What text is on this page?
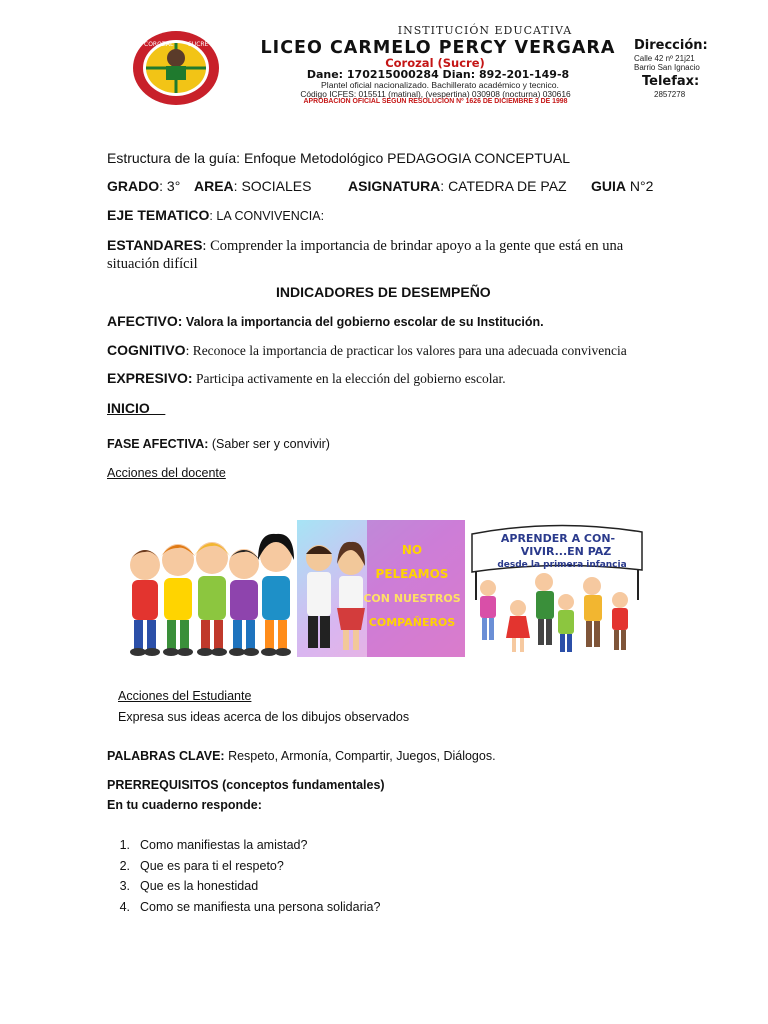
COROZAL SUCRE
INSTITUCIÓN EDUCATIVA
LICEO CARMELO PERCY VERGARA
Corozal (Sucre)
Dane: 170215000284 Dian: 892-201-149-8
Plantel oficial nacionalizado. Bachillerato académico y tecnico.
Código ICFES: 015511 (matinal), (vespertina) 030908 (nocturna) 030616
APROBACION OFICIAL SEGÚN RESOLUCIÓN Nº 1626 DE DICIEMBRE 3 DE 1998
Dirección:
Calle 42 nº 21j21
Barrio San Ignacio
Telefax:
2857278
Estructura de la guía: Enfoque Metodológico PEDAGOGIA CONCEPTUAL
GRADO: 3° AREA: SOCIALES	ASIGNATURA: CATEDRA DE PAZ GUIA N°2
EJE TEMATICO: LA CONVIVENCIA:
ESTANDARES: Comprender la importancia de brindar apoyo a la gente que está en una
situación difícil
INDICADORES DE DESEMPEÑO
AFECTIVO: Valora la importancia del gobierno escolar de su Institución.
COGNITIVO: Reconoce la importancia de practicar los valores para una adecuada convivencia
EXPRESIVO: Participa activamente en la elección del gobierno escolar.
INICIO
FASE AFECTIVA: (Saber ser y convivir)
Acciones del docente
NO
PELEAMOS
CON NUESTROS
COMPAÑEROS
APRENDER A CON-
VIVIR...EN PAZ
desde la primera infancia
Acciones del Estudiante
Expresa sus ideas acerca de los dibujos observados
PALABRAS CLAVE: Respeto, Armonía, Compartir, Juegos, Diálogos.
PRERREQUISITOS (conceptos fundamentales)
En tu cuaderno responde:
1. Como manifiestas la amistad?
2. Que es para ti el respeto?
3. Que es la honestidad
4. Como se manifiesta una persona solidaria?
